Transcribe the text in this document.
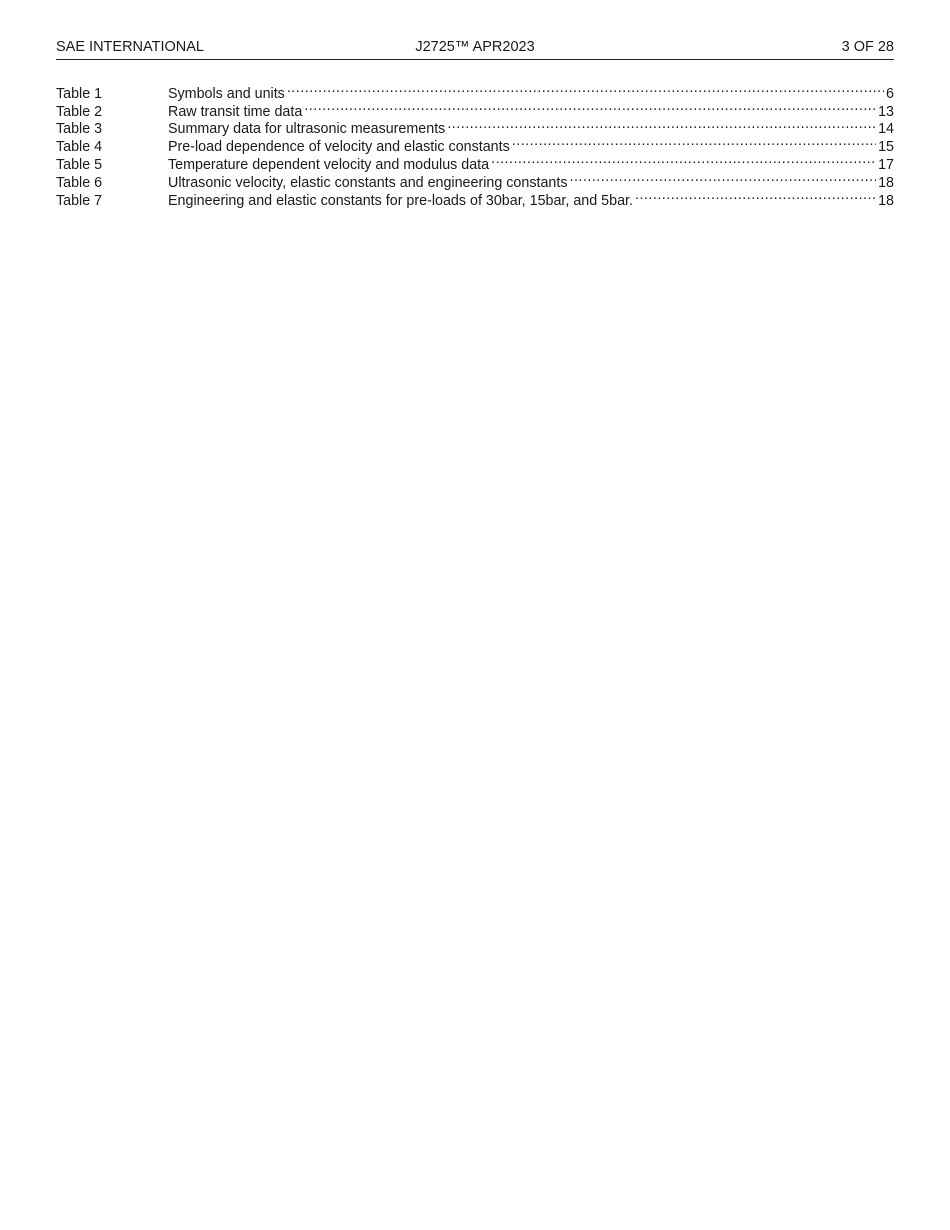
SAE INTERNATIONAL	J2725™ APR2023	3 OF 28
Table 1	Symbols and units .....	6
Table 2	Raw transit time data .....	13
Table 3	Summary data for ultrasonic measurements .....	14
Table 4	Pre-load dependence of velocity and elastic constants .....	15
Table 5	Temperature dependent velocity and modulus data .....	17
Table 6	Ultrasonic velocity, elastic constants and engineering constants .....	18
Table 7	Engineering and elastic constants for pre-loads of 30bar, 15bar, and 5bar. .....	18
